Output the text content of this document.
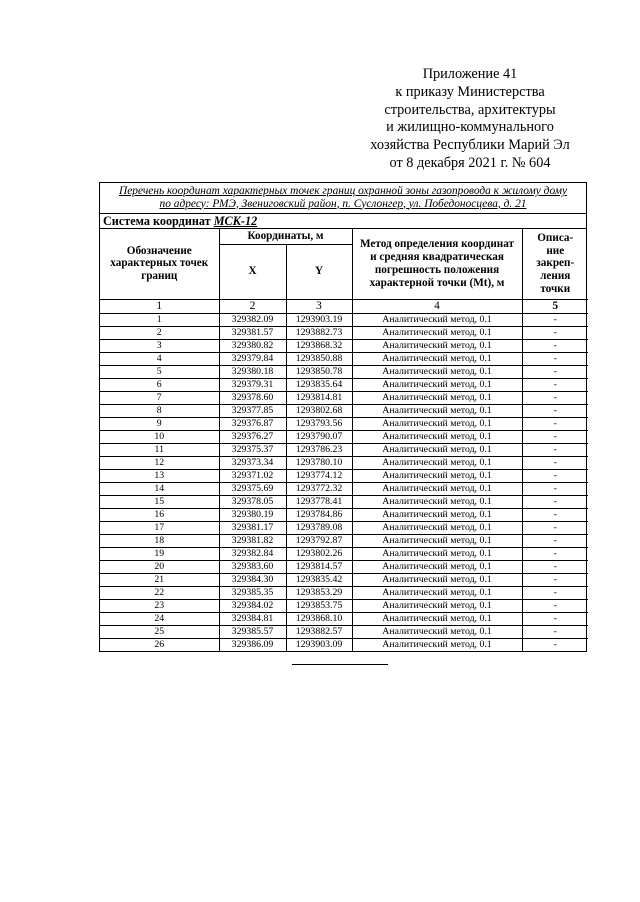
Приложение 41
к приказу Министерства
строительства, архитектуры
и жилищно-коммунального
хозяйства Республики Марий Эл
от 8 декабря 2021 г. № 604
Перечень координат характерных точек границ охранной зоны газопровода к жилому дому
по адресу: РМЭ, Звениговский район, п. Суслонгер, ул. Победоносцева, д. 21
Система координат МСК-12
Обозначение характерных точек границ	Координаты, м		Метод определения координат и средняя квадратическая погрешность положения характерной точки (Mt), м	Описа-ние закреп-ления точки
	X	Y		
1	2	3	4	5
1	329382.09	1293903.19	Аналитический метод, 0.1	-
2	329381.57	1293882.73	Аналитический метод, 0.1	-
3	329380.82	1293868.32	Аналитический метод, 0.1	-
4	329379.84	1293850.88	Аналитический метод, 0.1	-
5	329380.18	1293850.78	Аналитический метод, 0.1	-
6	329379.31	1293835.64	Аналитический метод, 0.1	-
7	329378.60	1293814.81	Аналитический метод, 0.1	-
8	329377.85	1293802.68	Аналитический метод, 0.1	-
9	329376.87	1293793.56	Аналитический метод, 0.1	-
10	329376.27	1293790.07	Аналитический метод, 0.1	-
11	329375.37	1293786.23	Аналитический метод, 0.1	-
12	329373.34	1293780.10	Аналитический метод, 0.1	-
13	329371.02	1293774.12	Аналитический метод, 0.1	-
14	329375.69	1293772.32	Аналитический метод, 0.1	-
15	329378.05	1293778.41	Аналитический метод, 0.1	-
16	329380.19	1293784.86	Аналитический метод, 0.1	-
17	329381.17	1293789.08	Аналитический метод, 0.1	-
18	329381.82	1293792.87	Аналитический метод, 0.1	-
19	329382.84	1293802.26	Аналитический метод, 0.1	-
20	329383.60	1293814.57	Аналитический метод, 0.1	-
21	329384.30	1293835.42	Аналитический метод, 0.1	-
22	329385.35	1293853.29	Аналитический метод, 0.1	-
23	329384.02	1293853.75	Аналитический метод, 0.1	-
24	329384.81	1293868.10	Аналитический метод, 0.1	-
25	329385.57	1293882.57	Аналитический метод, 0.1	-
26	329386.09	1293903.09	Аналитический метод, 0.1	-
